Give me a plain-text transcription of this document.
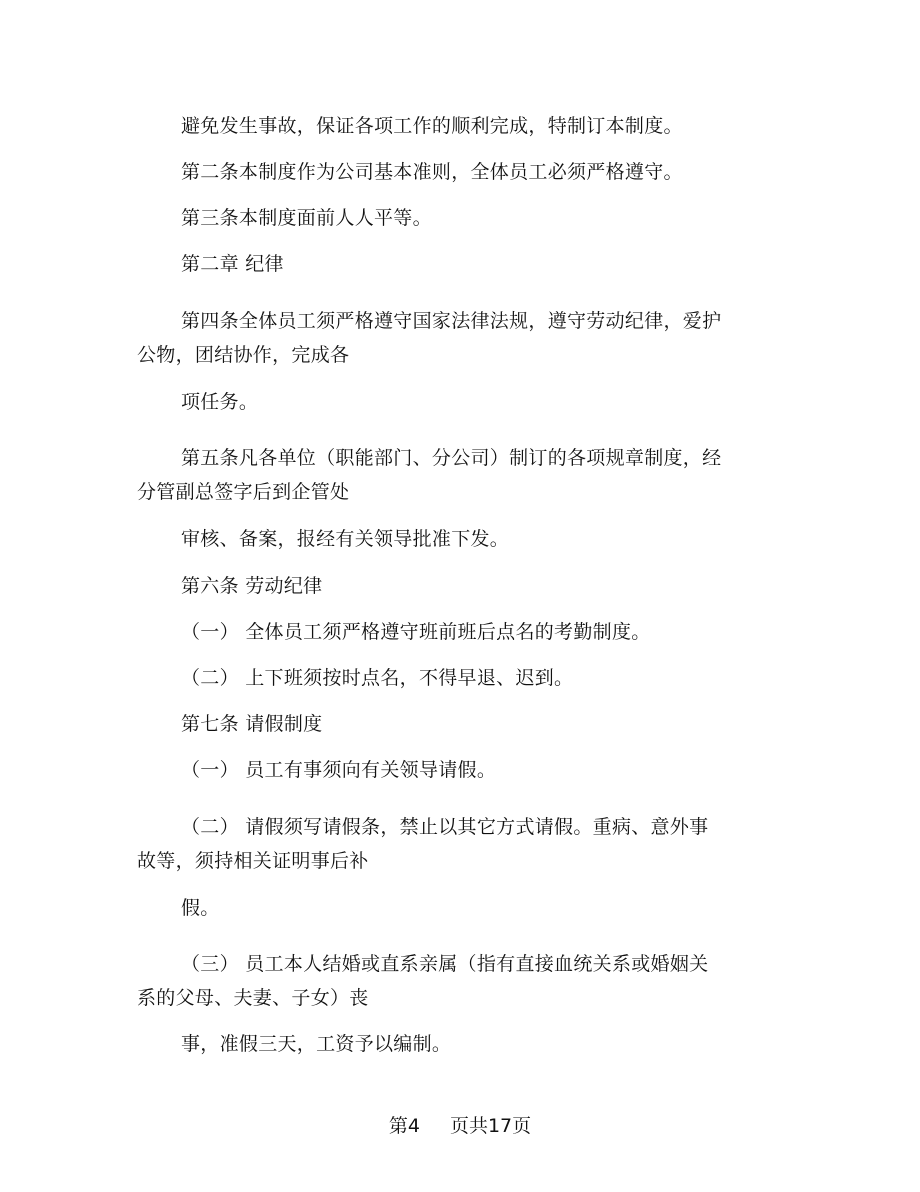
避免发生事故，保证各项工作的顺利完成，特制订本制度。
第二条本制度作为公司基本准则，全体员工必须严格遵守。
第三条本制度面前人人平等。
第二章 纪律
第四条全体员工须严格遵守国家法律法规，遵守劳动纪律，爱护
公物，团结协作，完成各
项任务。
第五条凡各单位（职能部门、分公司）制订的各项规章制度，经
分管副总签字后到企管处
审核、备案，报经有关领导批准下发。
第六条 劳动纪律
（一） 全体员工须严格遵守班前班后点名的考勤制度。
（二） 上下班须按时点名，不得早退、迟到。
第七条 请假制度
（一） 员工有事须向有关领导请假。
（二） 请假须写请假条，禁止以其它方式请假。重病、意外事
故等，须持相关证明事后补
假。
（三） 员工本人结婚或直系亲属（指有直接血统关系或婚姻关
系的父母、夫妻、子女）丧
事，准假三天，工资予以编制。
第4 页共17页
